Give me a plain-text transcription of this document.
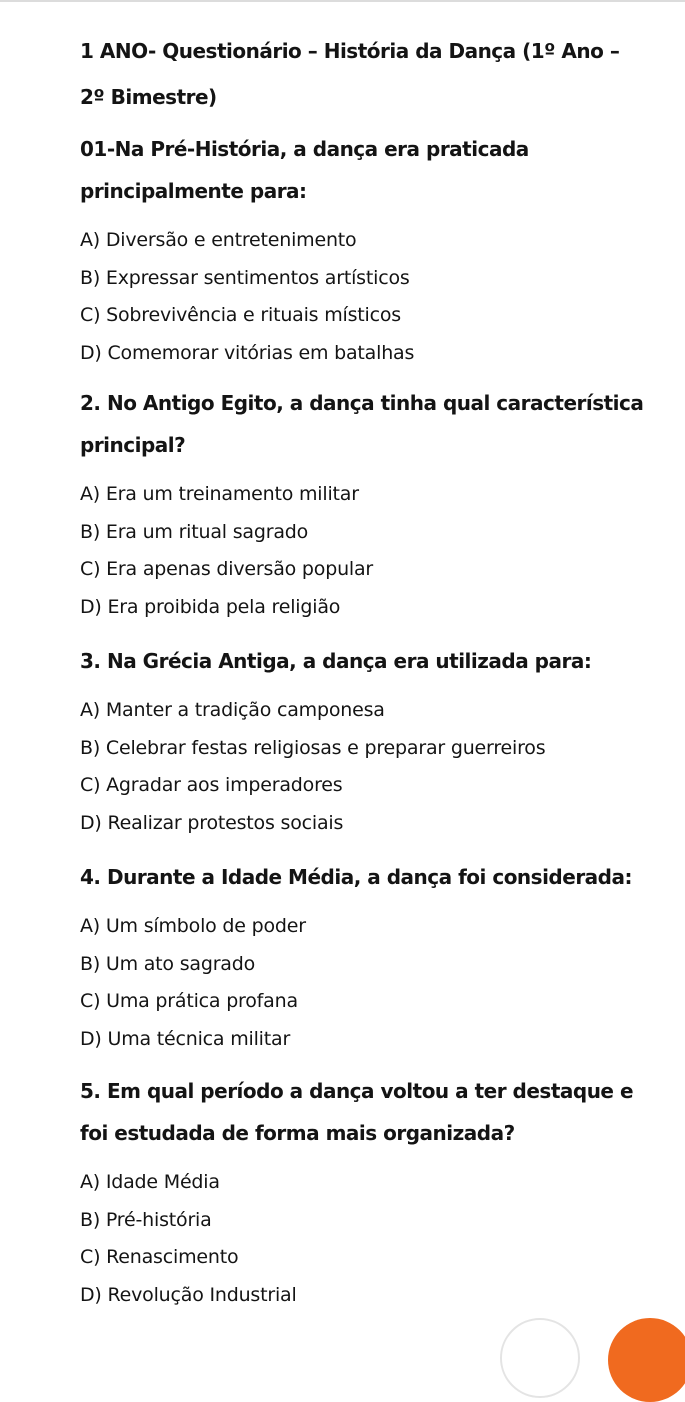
1 ANO- Questionário – História da Dança (1º Ano –
2º Bimestre)

01-Na Pré-História, a dança era praticada
principalmente para:

A) Diversão e entretenimento
B) Expressar sentimentos artísticos
C) Sobrevivência e rituais místicos
D) Comemorar vitórias em batalhas

2. No Antigo Egito, a dança tinha qual característica
principal?

A) Era um treinamento militar
B) Era um ritual sagrado
C) Era apenas diversão popular
D) Era proibida pela religião

3. Na Grécia Antiga, a dança era utilizada para:

A) Manter a tradição camponesa
B) Celebrar festas religiosas e preparar guerreiros
C) Agradar aos imperadores
D) Realizar protestos sociais

4. Durante a Idade Média, a dança foi considerada:

A) Um símbolo de poder
B) Um ato sagrado
C) Uma prática profana
D) Uma técnica militar

5. Em qual período a dança voltou a ter destaque e
foi estudada de forma mais organizada?

A) Idade Média
B) Pré-história
C) Renascimento
D) Revolução Industrial
